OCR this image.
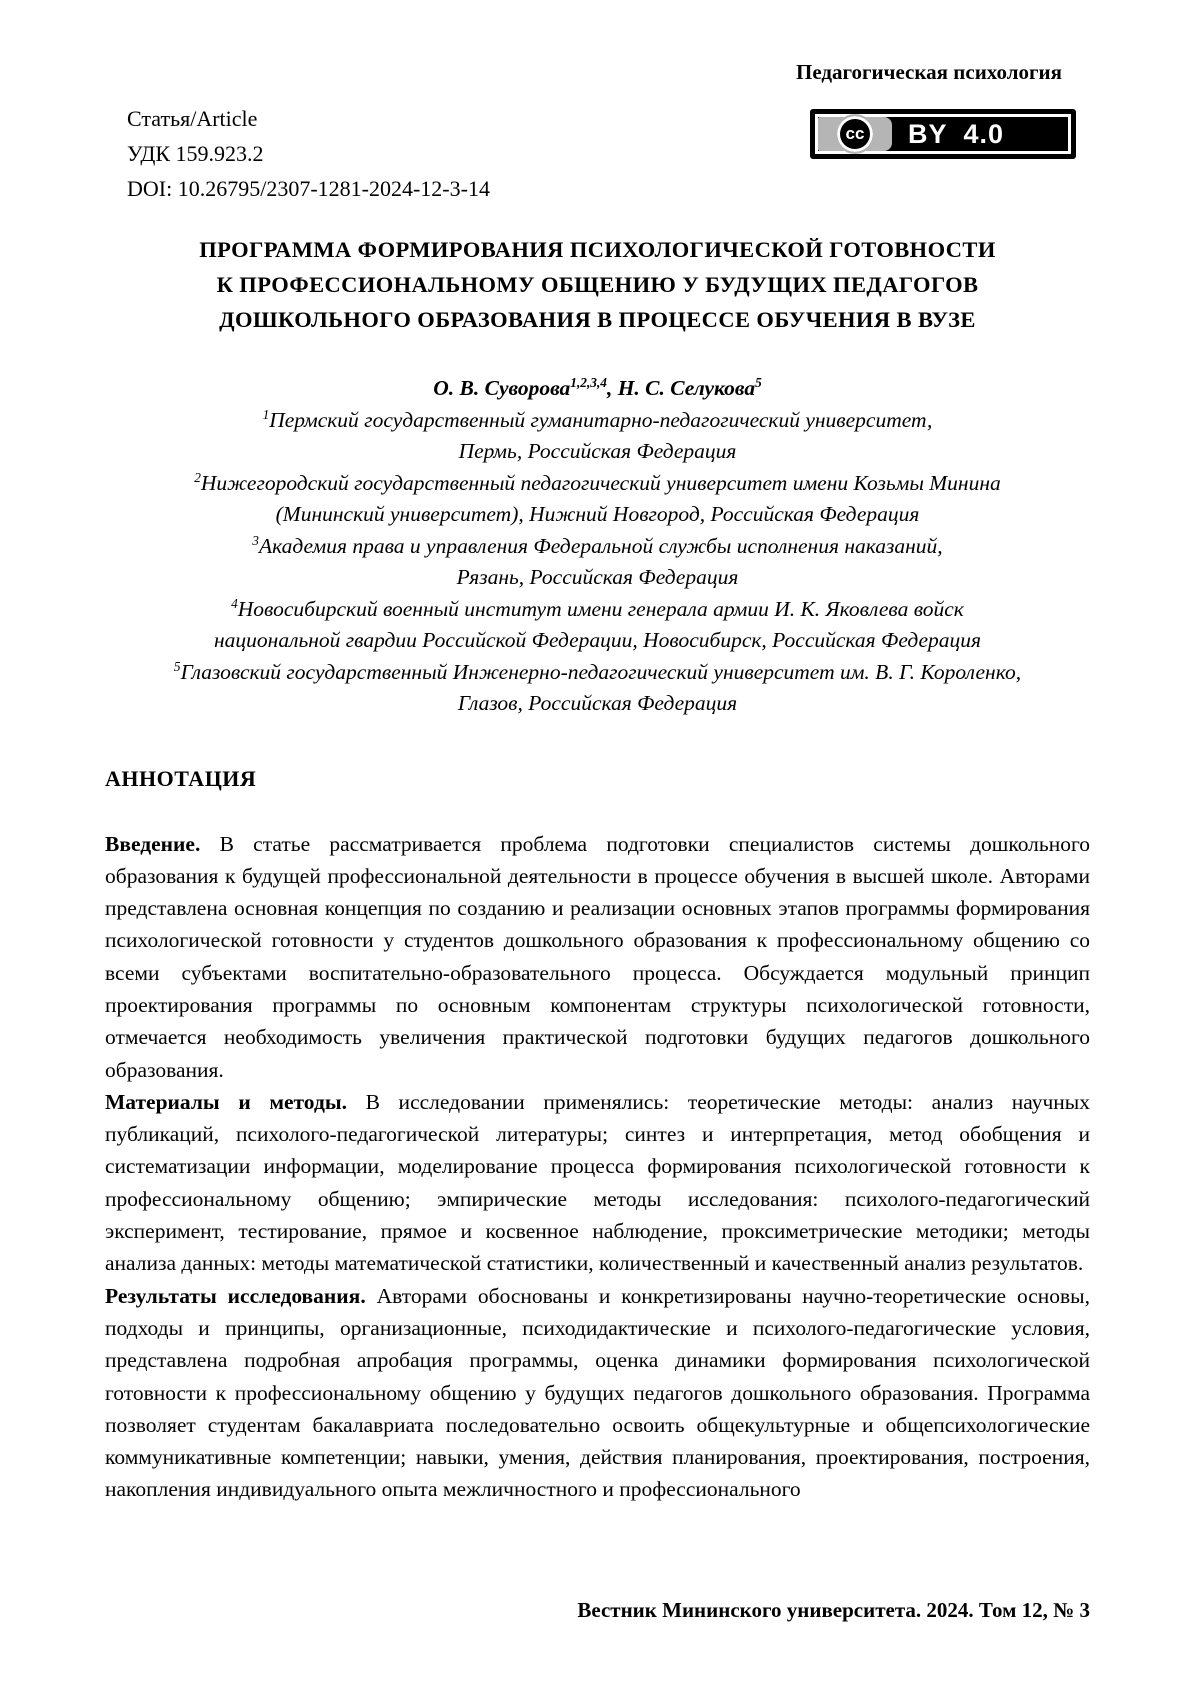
Педагогическая психология
Статья/Article
УДК 159.923.2
DOI: 10.26795/2307-1281-2024-12-3-14
cc	BY 4.0
ПРОГРАММА ФОРМИРОВАНИЯ ПСИХОЛОГИЧЕСКОЙ ГОТОВНОСТИ
К ПРОФЕССИОНАЛЬНОМУ ОБЩЕНИЮ У БУДУЩИХ ПЕДАГОГОВ
ДОШКОЛЬНОГО ОБРАЗОВАНИЯ В ПРОЦЕССЕ ОБУЧЕНИЯ В ВУЗЕ
О. В. Суворова$^{1,2,3,4}$, Н. С. Селукова$^5$
$^1$Пермский государственный гуманитарно-педагогический университет,
Пермь, Российская Федерация
$^2$Нижегородский государственный педагогический университет имени Козьмы Минина
(Мининский университет), Нижний Новгород, Российская Федерация
$^3$Академия права и управления Федеральной службы исполнения наказаний,
Рязань, Российская Федерация
$^4$Новосибирский военный институт имени генерала армии И. К. Яковлева войск
национальной гвардии Российской Федерации, Новосибирск, Российская Федерация
$^5$Глазовский государственный Инженерно-педагогический университет им. В. Г. Короленко,
Глазов, Российская Федерация
АННОТАЦИЯ

Введение. В статье рассматривается проблема подготовки специалистов системы дошкольного образования к будущей профессиональной деятельности в процессе обучения в высшей школе. Авторами представлена основная концепция по созданию и реализации основных этапов программы формирования психологической готовности у студентов дошкольного образования к профессиональному общению со всеми субъектами воспитательно-образовательного процесса. Обсуждается модульный принцип проектирования программы по основным компонентам структуры психологической готовности, отмечается необходимость увеличения практической подготовки будущих педагогов дошкольного образования.

Материалы и методы. В исследовании применялись: теоретические методы: анализ научных публикаций, психолого-педагогической литературы; синтез и интерпретация, метод обобщения и систематизации информации, моделирование процесса формирования психологической готовности к профессиональному общению; эмпирические методы исследования: психолого-педагогический эксперимент, тестирование, прямое и косвенное наблюдение, проксиметрические методики; методы анализа данных: методы математической статистики, количественный и качественный анализ результатов.

Результаты исследования. Авторами обоснованы и конкретизированы научно-теоретические основы, подходы и принципы, организационные, психодидактические и психолого-педагогические условия, представлена подробная апробация программы, оценка динамики формирования психологической готовности к профессиональному общению у будущих педагогов дошкольного образования. Программа позволяет студентам бакалавриата последовательно освоить общекультурные и общепсихологические коммуникативные компетенции; навыки, умения, действия планирования, проектирования, построения, накопления индивидуального опыта межличностного и профессионального

Вестник Мининского университета. 2024. Том 12, № 3
